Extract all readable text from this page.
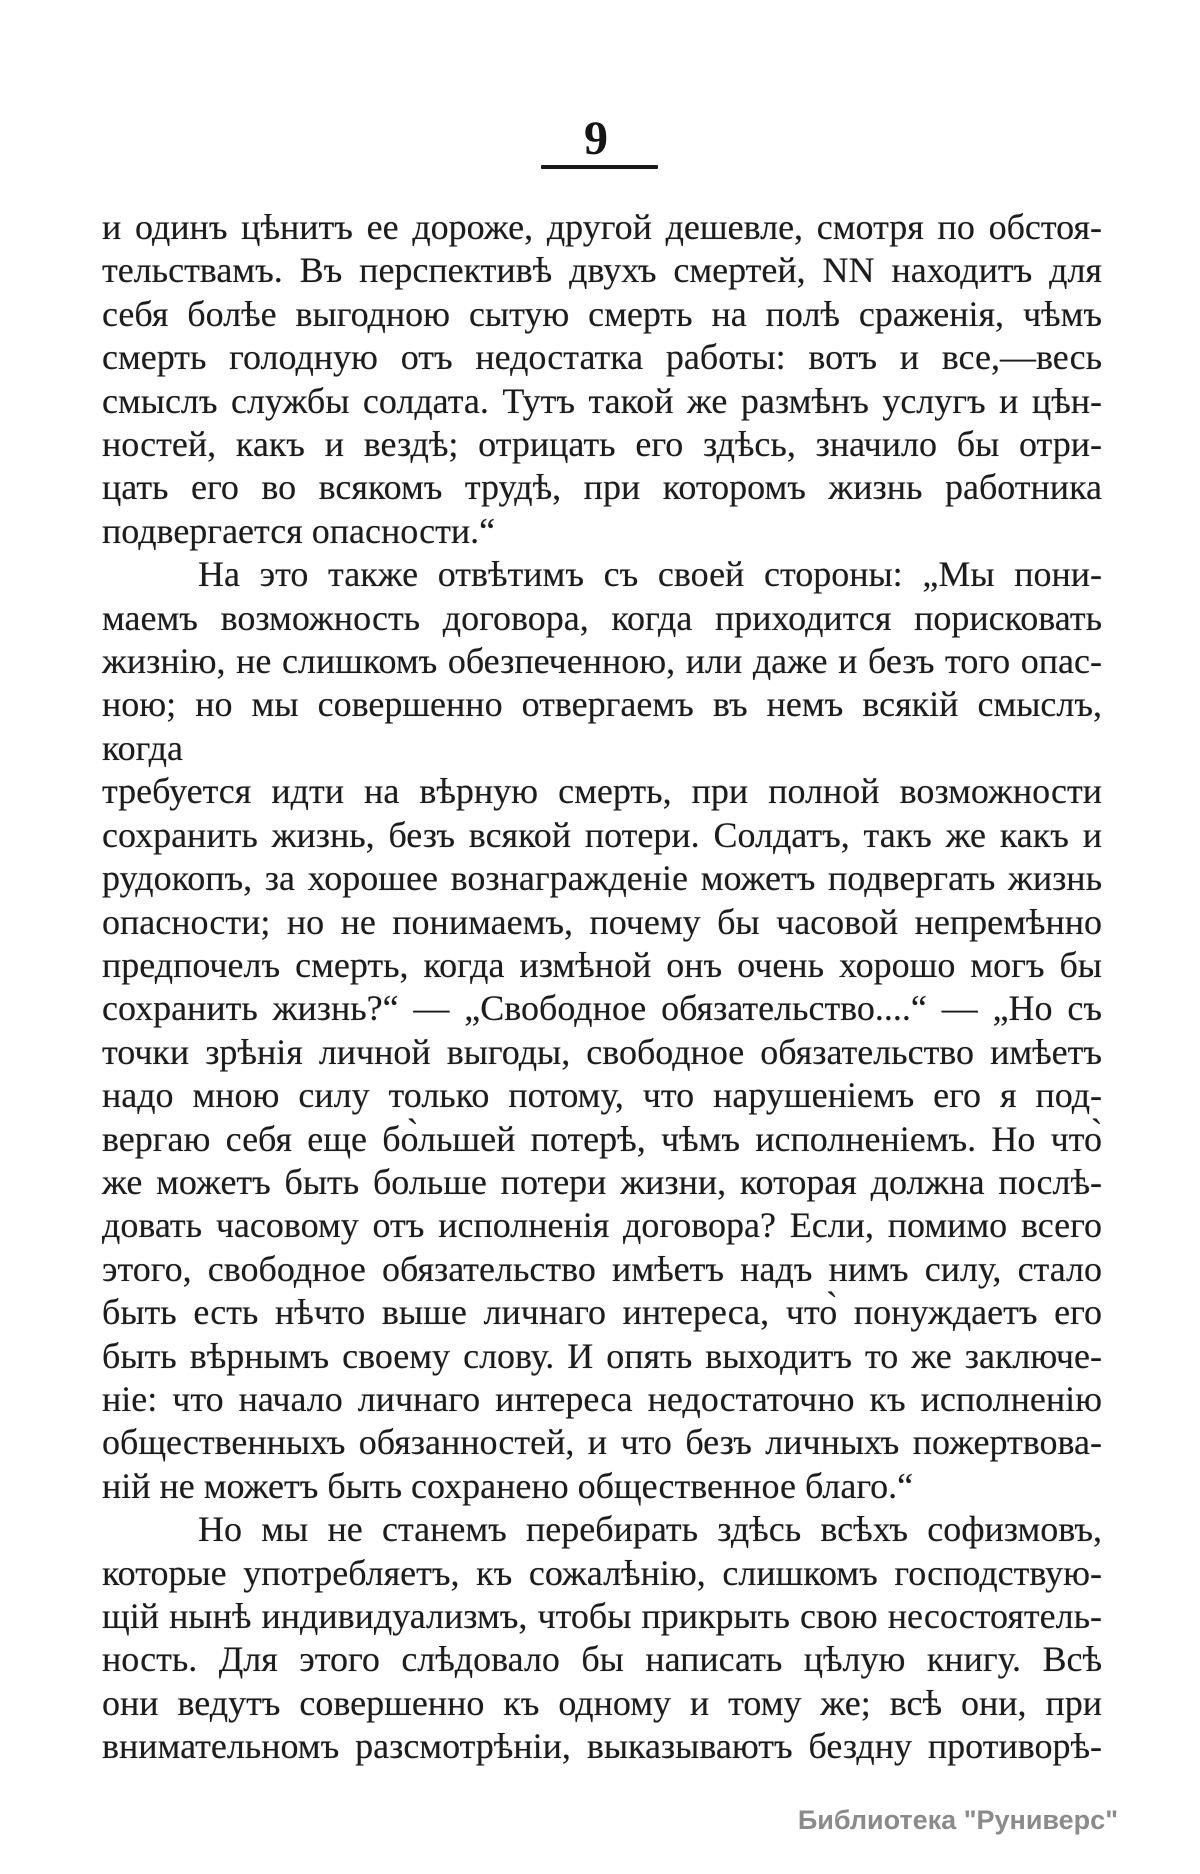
9
и одинъ цѣнитъ ее дороже, другой дешевле, смотря по обстоя-
тельствамъ. Въ перспективѣ двухъ смертей, NN находитъ для
себя болѣе выгодною сытую смерть на полѣ сраженія, чѣмъ
смерть голодную отъ недостатка работы: вотъ и все,—весь
смыслъ службы солдата. Тутъ такой же размѣнъ услугъ и цѣн-
ностей, какъ и вездѣ; отрицать его здѣсь, значило бы отри-
цать его во всякомъ трудѣ, при которомъ жизнь работника
подвергается опасности.“
На это также отвѣтимъ съ своей стороны: „Мы пони-
маемъ возможность договора, когда приходится порисковать
жизнію, не слишкомъ обезпеченною, или даже и безъ того опас-
ною; но мы совершенно отвергаемъ въ немъ всякій смыслъ, когда
требуется идти на вѣрную смерть, при полной возможности
сохранить жизнь, безъ всякой потери. Солдатъ, такъ же какъ и
рудокопъ, за хорошее вознагражденіе можетъ подвергать жизнь
опасности; но не понимаемъ, почему бы часовой непремѣнно
предпочелъ смерть, когда измѣной онъ очень хорошо могъ бы
сохранить жизнь?“ — „Свободное обязательство....“ — „Но съ
точки зрѣнія личной выгоды, свободное обязательство имѣетъ
надо мною силу только потому, что нарушеніемъ его я под-
вергаю себя еще бо̀льшей потерѣ, чѣмъ исполненіемъ. Но что̀
же можетъ быть больше потери жизни, которая должна послѣ-
довать часовому отъ исполненія договора? Если, помимо всего
этого, свободное обязательство имѣетъ надъ нимъ силу, стало
быть есть нѣчто выше личнаго интереса, что̀ понуждаетъ его
быть вѣрнымъ своему слову. И опять выходитъ то же заключе-
ніе: что начало личнаго интереса недостаточно къ исполненію
общественныхъ обязанностей, и что безъ личныхъ пожертвова-
ній не можетъ быть сохранено общественное благо.“
Но мы не станемъ перебирать здѣсь всѣхъ софизмовъ,
которые употребляетъ, къ сожалѣнію, слишкомъ господствую-
щій нынѣ индивидуализмъ, чтобы прикрыть свою несостоятель-
ность. Для этого слѣдовало бы написать цѣлую книгу. Всѣ
они ведутъ совершенно къ одному и тому же; всѣ они, при
внимательномъ разсмотрѣніи, выказываютъ бездну противорѣ-
Библиотека "Руниверс"
